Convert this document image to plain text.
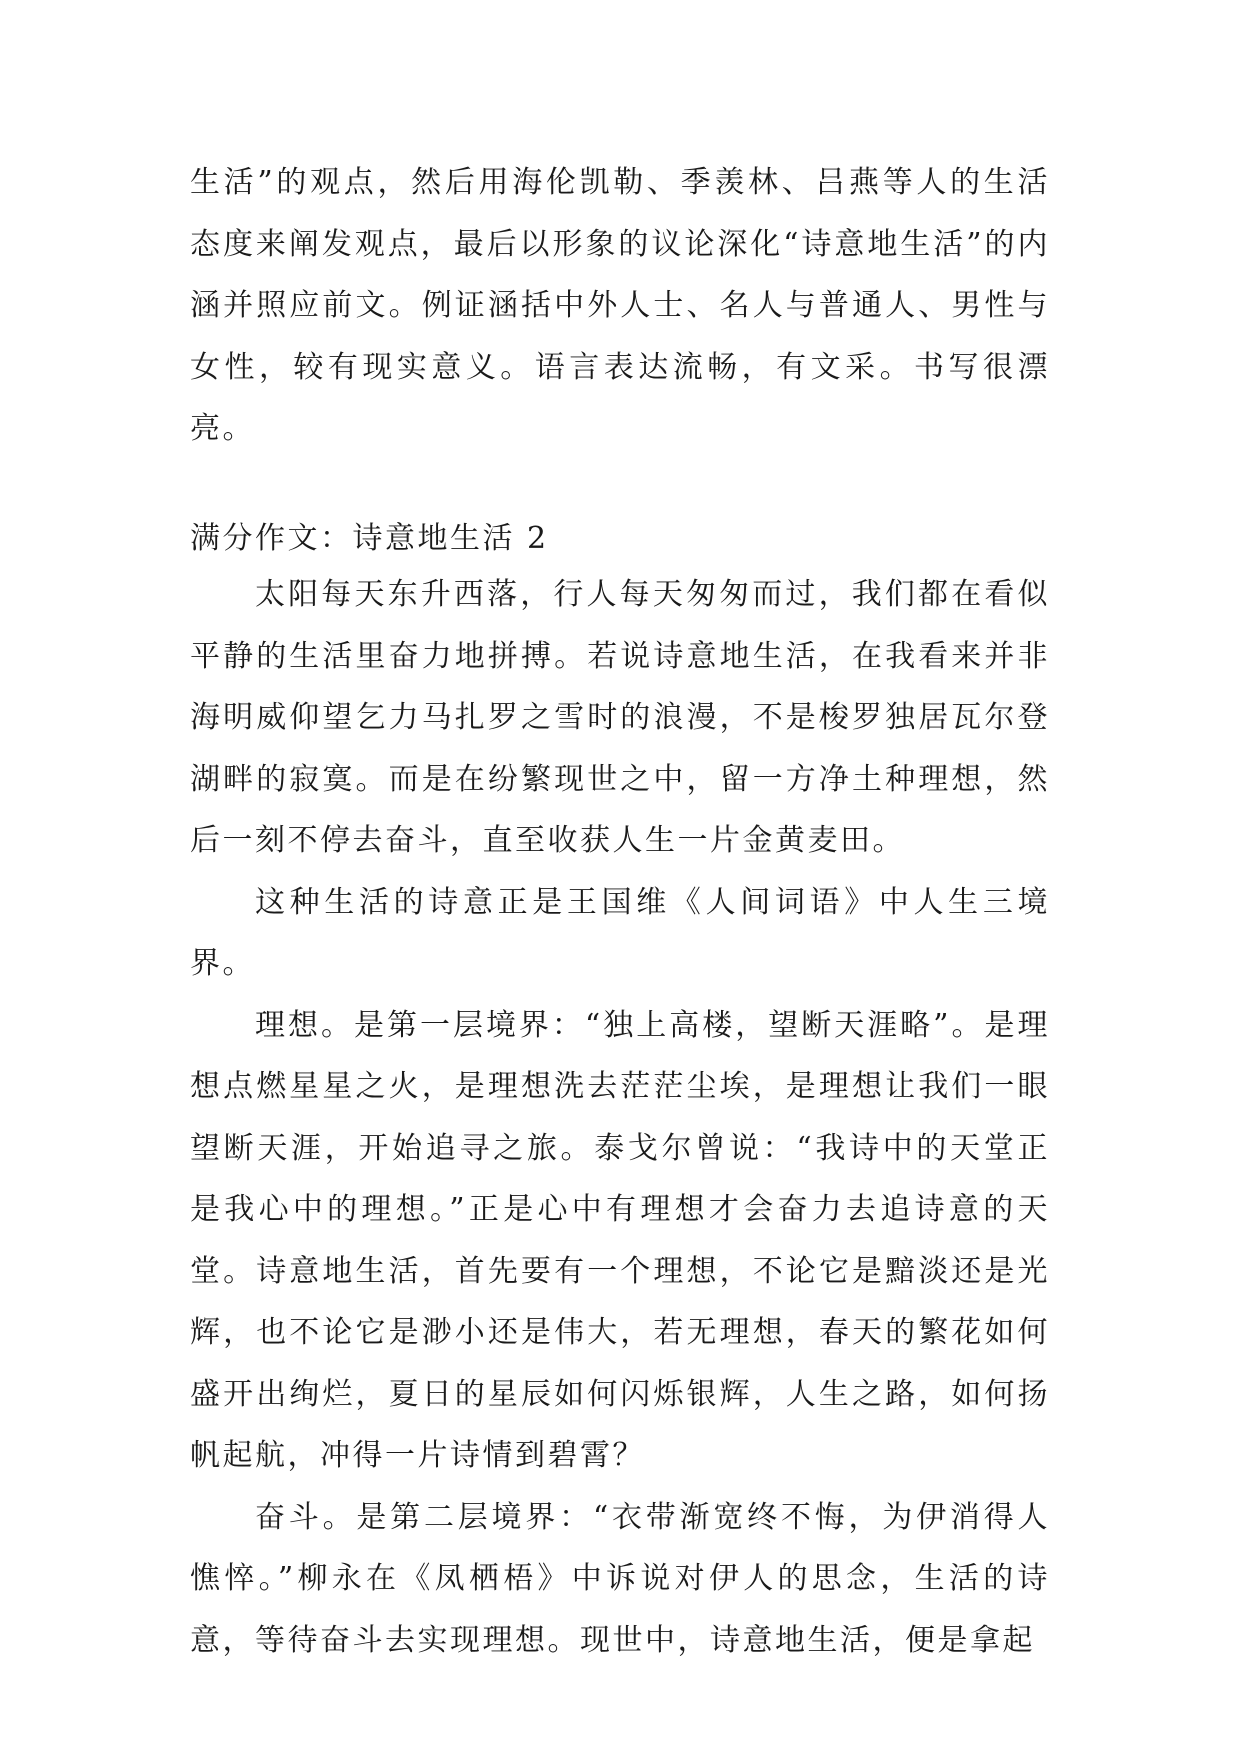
生活”的观点，然后用海伦凯勒、季羡林、吕燕等人的生活态度来阐发观点，最后以形象的议论深化“诗意地生活”的内涵并照应前文。例证涵括中外人士、名人与普通人、男性与女性，较有现实意义。语言表达流畅，有文采。书写很漂亮。

满分作文：诗意地生活 2

太阳每天东升西落，行人每天匆匆而过，我们都在看似平静的生活里奋力地拼搏。若说诗意地生活，在我看来并非海明威仰望乞力马扎罗之雪时的浪漫，不是梭罗独居瓦尔登湖畔的寂寞。而是在纷繁现世之中，留一方净土种理想，然后一刻不停去奋斗，直至收获人生一片金黄麦田。

这种生活的诗意正是王国维《人间词语》中人生三境界。

理想。是第一层境界：“独上高楼，望断天涯略”。是理想点燃星星之火，是理想洗去茫茫尘埃，是理想让我们一眼望断天涯，开始追寻之旅。泰戈尔曾说：“我诗中的天堂正是我心中的理想。”正是心中有理想才会奋力去追诗意的天堂。诗意地生活，首先要有一个理想，不论它是黯淡还是光辉，也不论它是渺小还是伟大，若无理想，春天的繁花如何盛开出绚烂，夏日的星辰如何闪烁银辉，人生之路，如何扬帆起航，冲得一片诗情到碧霄？

奋斗。是第二层境界：“衣带渐宽终不悔，为伊消得人憔悴。”柳永在《凤栖梧》中诉说对伊人的思念，生活的诗意，等待奋斗去实现理想。现世中，诗意地生活，便是拿起
